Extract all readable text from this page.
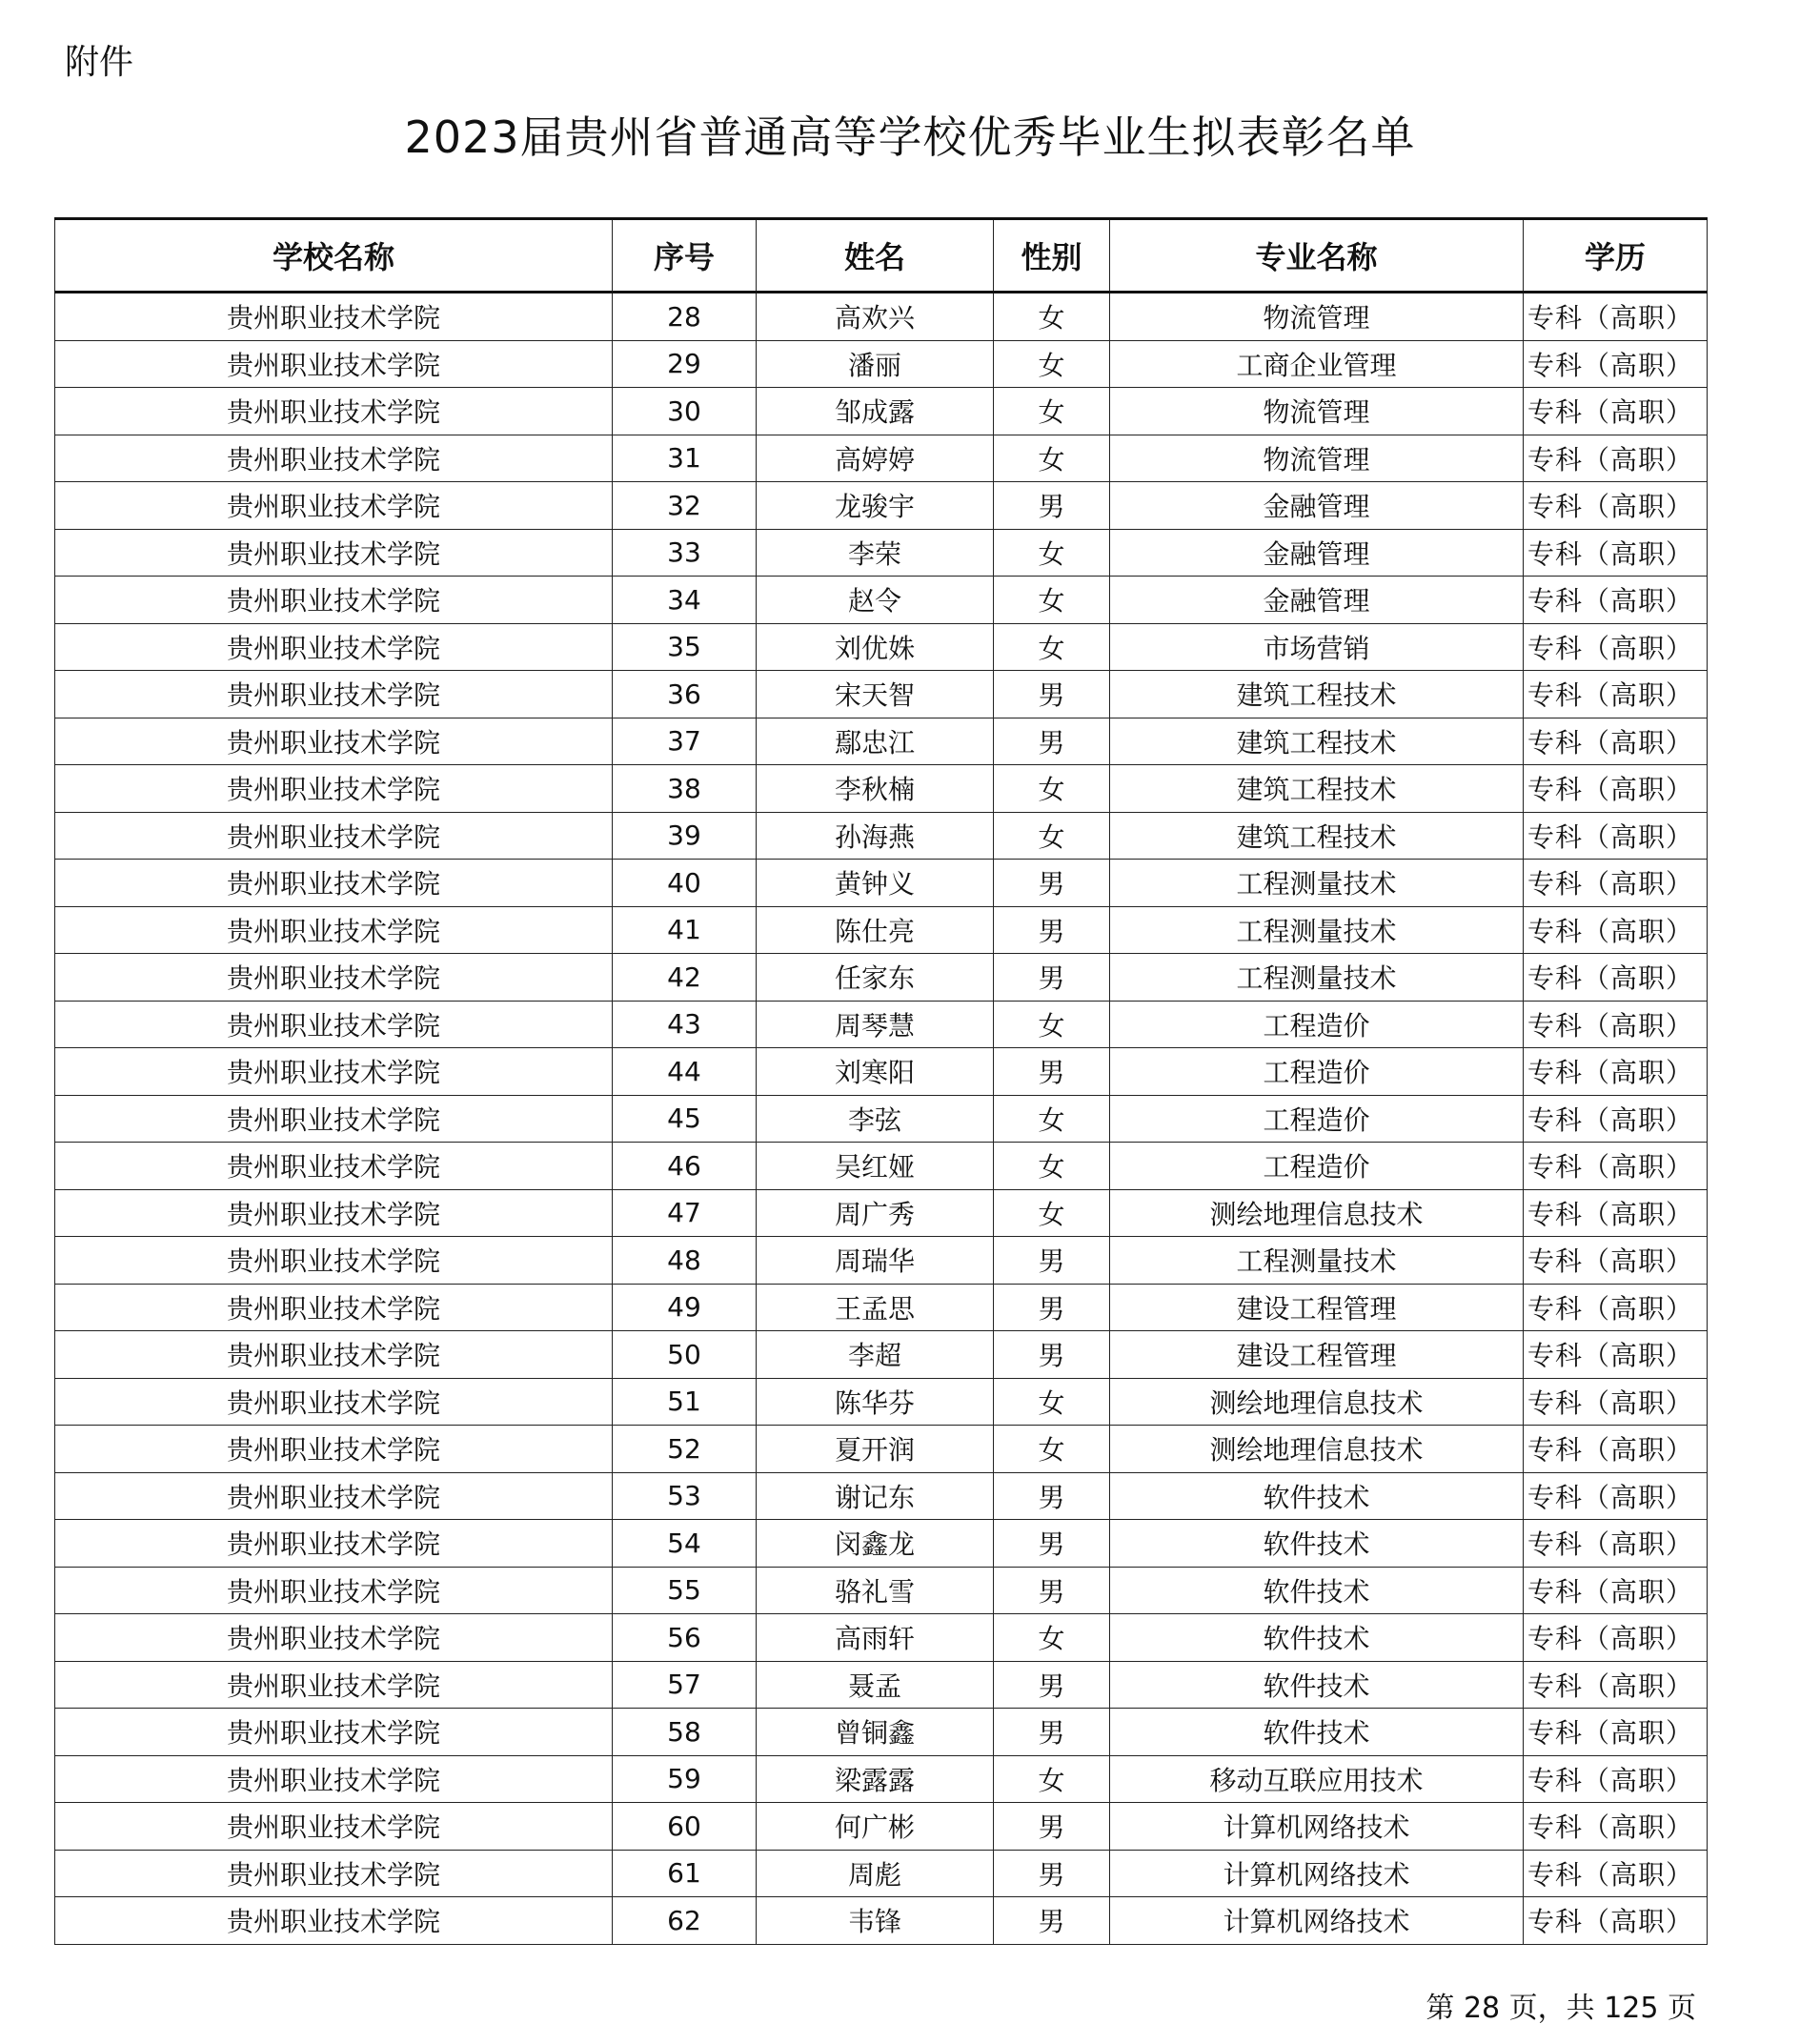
附件
2023届贵州省普通高等学校优秀毕业生拟表彰名单
学校名称	序号	姓名	性别	专业名称	学历
贵州职业技术学院	28	高欢兴	女	物流管理	专科（高职）
贵州职业技术学院	29	潘丽	女	工商企业管理	专科（高职）
贵州职业技术学院	30	邹成露	女	物流管理	专科（高职）
贵州职业技术学院	31	高婷婷	女	物流管理	专科（高职）
贵州职业技术学院	32	龙骏宇	男	金融管理	专科（高职）
贵州职业技术学院	33	李荣	女	金融管理	专科（高职）
贵州职业技术学院	34	赵令	女	金融管理	专科（高职）
贵州职业技术学院	35	刘优姝	女	市场营销	专科（高职）
贵州职业技术学院	36	宋天智	男	建筑工程技术	专科（高职）
贵州职业技术学院	37	鄢忠江	男	建筑工程技术	专科（高职）
贵州职业技术学院	38	李秋楠	女	建筑工程技术	专科（高职）
贵州职业技术学院	39	孙海燕	女	建筑工程技术	专科（高职）
贵州职业技术学院	40	黄钟义	男	工程测量技术	专科（高职）
贵州职业技术学院	41	陈仕亮	男	工程测量技术	专科（高职）
贵州职业技术学院	42	任家东	男	工程测量技术	专科（高职）
贵州职业技术学院	43	周琴慧	女	工程造价	专科（高职）
贵州职业技术学院	44	刘寒阳	男	工程造价	专科（高职）
贵州职业技术学院	45	李弦	女	工程造价	专科（高职）
贵州职业技术学院	46	吴红娅	女	工程造价	专科（高职）
贵州职业技术学院	47	周广秀	女	测绘地理信息技术	专科（高职）
贵州职业技术学院	48	周瑞华	男	工程测量技术	专科（高职）
贵州职业技术学院	49	王孟思	男	建设工程管理	专科（高职）
贵州职业技术学院	50	李超	男	建设工程管理	专科（高职）
贵州职业技术学院	51	陈华芬	女	测绘地理信息技术	专科（高职）
贵州职业技术学院	52	夏开润	女	测绘地理信息技术	专科（高职）
贵州职业技术学院	53	谢记东	男	软件技术	专科（高职）
贵州职业技术学院	54	闵鑫龙	男	软件技术	专科（高职）
贵州职业技术学院	55	骆礼雪	男	软件技术	专科（高职）
贵州职业技术学院	56	高雨轩	女	软件技术	专科（高职）
贵州职业技术学院	57	聂孟	男	软件技术	专科（高职）
贵州职业技术学院	58	曾铜鑫	男	软件技术	专科（高职）
贵州职业技术学院	59	梁露露	女	移动互联应用技术	专科（高职）
贵州职业技术学院	60	何广彬	男	计算机网络技术	专科（高职）
贵州职业技术学院	61	周彪	男	计算机网络技术	专科（高职）
贵州职业技术学院	62	韦锋	男	计算机网络技术	专科（高职）
第 28 页，共 125 页
